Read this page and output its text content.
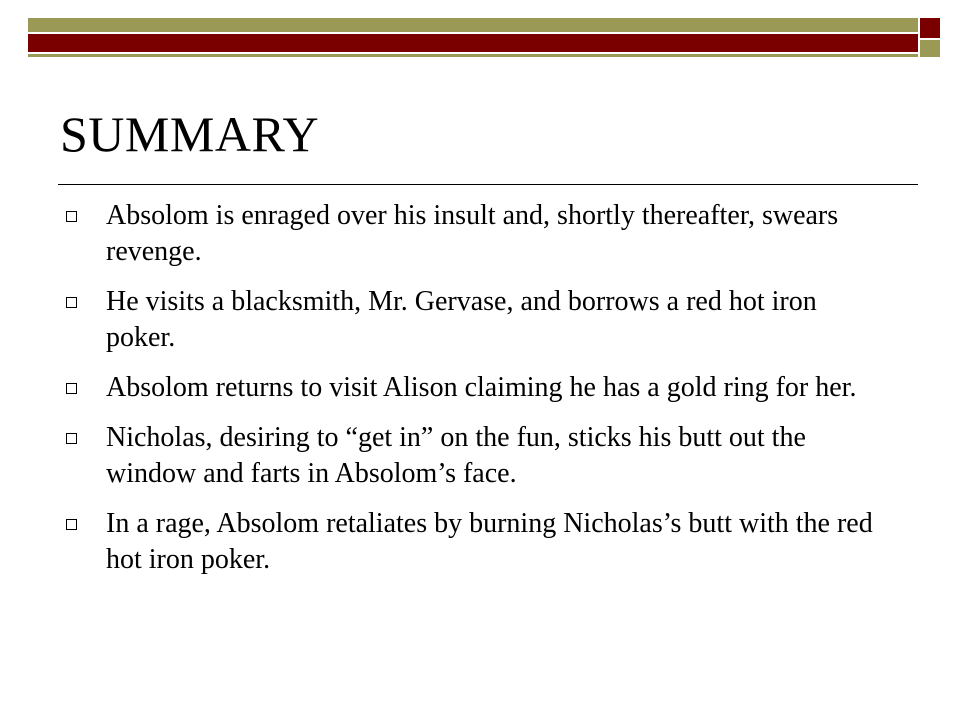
SUMMARY
Absolom is enraged over his insult and, shortly thereafter, swears revenge.
He visits a blacksmith, Mr. Gervase, and borrows a red hot iron poker.
Absolom returns to visit Alison claiming he has a gold ring for her.
Nicholas, desiring to “get in” on the fun, sticks his butt out the window and farts in Absolom’s face.
In a rage, Absolom retaliates by burning Nicholas’s butt with the red hot iron poker.
